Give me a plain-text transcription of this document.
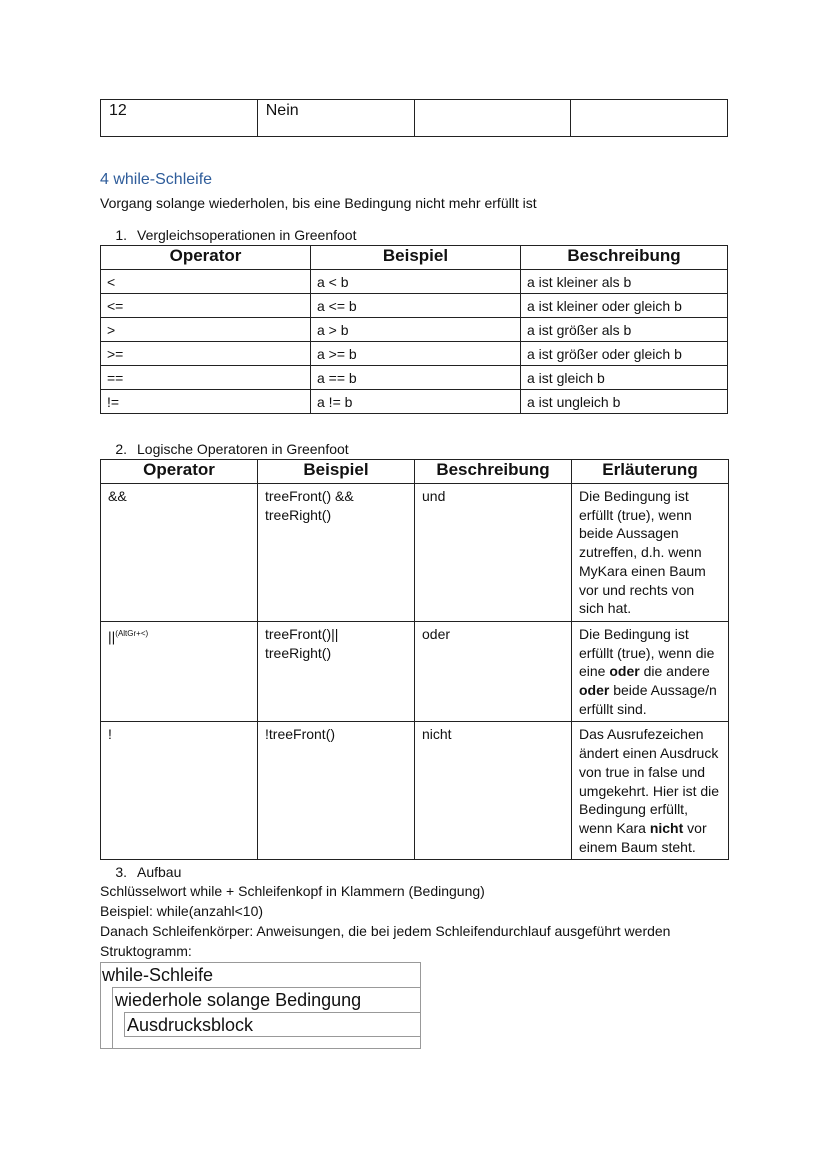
12	Nein		
4 while-Schleife
Vorgang solange wiederholen, bis eine Bedingung nicht mehr erfüllt ist
1. Vergleichsoperationen in Greenfoot
Operator	Beispiel	Beschreibung
<	a < b	a ist kleiner als b
<=	a <= b	a ist kleiner oder gleich b
>	a > b	a ist größer als b
>=	a >= b	a ist größer oder gleich b
==	a == b	a ist gleich b
!=	a != b	a ist ungleich b
2. Logische Operatoren in Greenfoot
Operator	Beispiel	Beschreibung	Erläuterung
&&	treeFront() &&
treeRight()	und	Die Bedingung ist erfüllt (true), wenn beide Aussagen zutreffen, d.h. wenn MyKara einen Baum vor und rechts von sich hat.
$||^{(AltGr+<)}$	treeFront()||
treeRight()	oder	Die Bedingung ist erfüllt (true), wenn die eine oder die andere oder beide Aussage/n erfüllt sind.
!	!treeFront()	nicht	Das Ausrufezeichen ändert einen Ausdruck von true in false und umgekehrt. Hier ist die Bedingung erfüllt, wenn Kara nicht vor einem Baum steht.
3. Aufbau
Schlüsselwort while + Schleifenkopf in Klammern (Bedingung)
Beispiel: while(anzahl<10)
Danach Schleifenkörper: Anweisungen, die bei jedem Schleifendurchlauf ausgeführt werden
Struktogramm:
while-Schleife
wiederhole solange Bedingung
Ausdrucksblock
